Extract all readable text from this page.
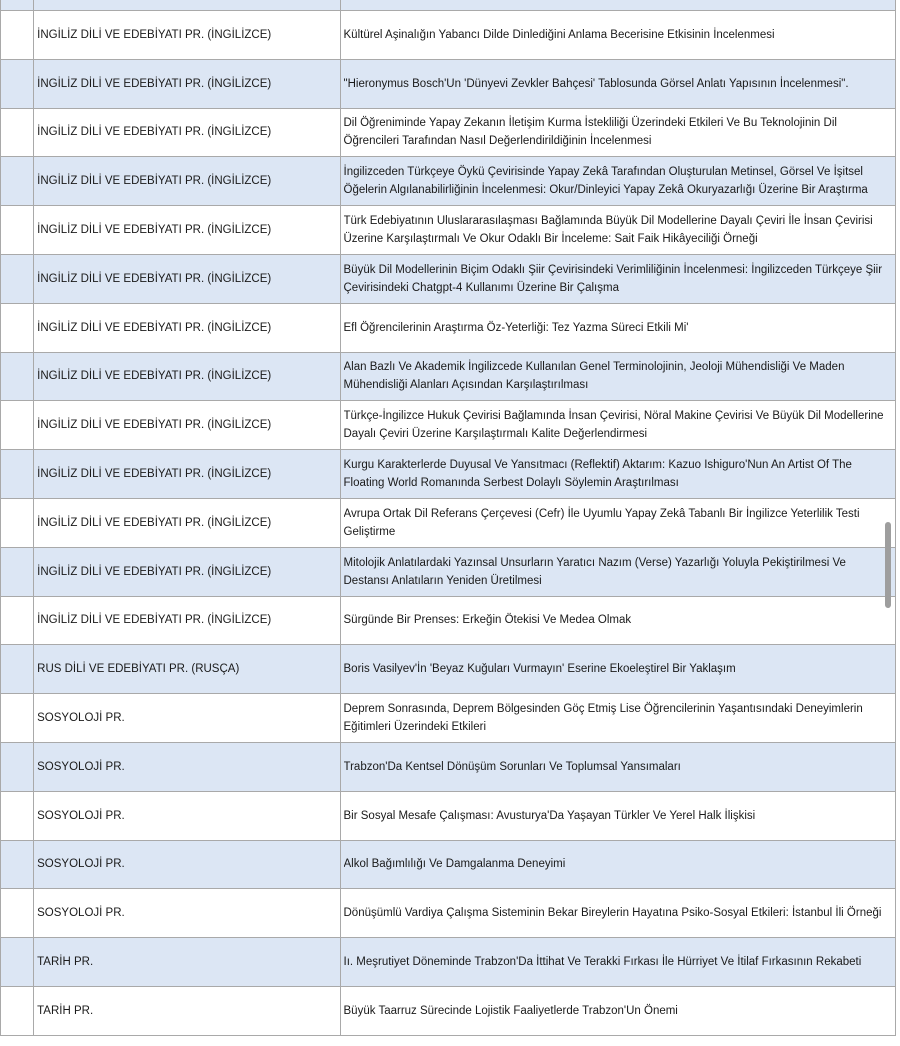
	İNGİLİZ DİLİ VE EDEBİYATI PR. (İNGİLİZCE)	Kültürel Aşinalığın Yabancı Dilde Dinlediğini Anlama Becerisine Etkisinin İncelenmesi

	İNGİLİZ DİLİ VE EDEBİYATI PR. (İNGİLİZCE)	"Hieronymus Bosch'Un 'Dünyevi Zevkler Bahçesi' Tablosunda Görsel Anlatı Yapısının İncelenmesi".

	İNGİLİZ DİLİ VE EDEBİYATI PR. (İNGİLİZCE)	Dil Öğreniminde Yapay Zekanın İletişim Kurma İstekliliği Üzerindeki Etkileri Ve Bu Teknolojinin Dil Öğrencileri Tarafından Nasıl Değerlendirildiğinin İncelenmesi

	İNGİLİZ DİLİ VE EDEBİYATI PR. (İNGİLİZCE)	İngilizceden Türkçeye Öykü Çevirisinde Yapay Zekâ Tarafından Oluşturulan Metinsel, Görsel Ve İşitsel Öğelerin Algılanabilirliğinin İncelenmesi: Okur/Dinleyici Yapay Zekâ Okuryazarlığı Üzerine Bir Araştırma

	İNGİLİZ DİLİ VE EDEBİYATI PR. (İNGİLİZCE)	Türk Edebiyatının Uluslararasılaşması Bağlamında Büyük Dil Modellerine Dayalı Çeviri İle İnsan Çevirisi Üzerine Karşılaştırmalı Ve Okur Odaklı Bir İnceleme: Sait Faik Hikâyeciliği Örneği

	İNGİLİZ DİLİ VE EDEBİYATI PR. (İNGİLİZCE)	Büyük Dil Modellerinin Biçim Odaklı Şiir Çevirisindeki Verimliliğinin İncelenmesi: İngilizceden Türkçeye Şiir Çevirisindeki Chatgpt-4 Kullanımı Üzerine Bir Çalışma

	İNGİLİZ DİLİ VE EDEBİYATI PR. (İNGİLİZCE)	Efl Öğrencilerinin Araştırma Öz-Yeterliği: Tez Yazma Süreci Etkili Mi'

	İNGİLİZ DİLİ VE EDEBİYATI PR. (İNGİLİZCE)	Alan Bazlı Ve Akademik İngilizcede Kullanılan Genel Terminolojinin, Jeoloji Mühendisliği Ve Maden Mühendisliği Alanları Açısından Karşılaştırılması

	İNGİLİZ DİLİ VE EDEBİYATI PR. (İNGİLİZCE)	Türkçe-İngilizce Hukuk Çevirisi Bağlamında İnsan Çevirisi, Nöral Makine Çevirisi Ve Büyük Dil Modellerine Dayalı Çeviri Üzerine Karşılaştırmalı Kalite Değerlendirmesi

	İNGİLİZ DİLİ VE EDEBİYATI PR. (İNGİLİZCE)	Kurgu Karakterlerde Duyusal Ve Yansıtmacı (Reflektif) Aktarım: Kazuo Ishiguro'Nun An Artist Of The Floating World Romanında Serbest Dolaylı Söylemin Araştırılması

	İNGİLİZ DİLİ VE EDEBİYATI PR. (İNGİLİZCE)	Avrupa Ortak Dil Referans Çerçevesi (Cefr) İle Uyumlu Yapay Zekâ Tabanlı Bir İngilizce Yeterlilik Testi Geliştirme

	İNGİLİZ DİLİ VE EDEBİYATI PR. (İNGİLİZCE)	Mitolojik Anlatılardaki Yazınsal Unsurların Yaratıcı Nazım (Verse) Yazarlığı Yoluyla Pekiştirilmesi Ve Destansı Anlatıların Yeniden Üretilmesi

	İNGİLİZ DİLİ VE EDEBİYATI PR. (İNGİLİZCE)	Sürgünde Bir Prenses: Erkeğin Ötekisi Ve Medea Olmak

	RUS DİLİ VE EDEBİYATI PR. (RUSÇA)	Boris Vasilyev'İn 'Beyaz Kuğuları Vurmayın' Eserine Ekoeleştirel Bir Yaklaşım

	SOSYOLOJİ PR.	Deprem Sonrasında, Deprem Bölgesinden Göç Etmiş Lise Öğrencilerinin Yaşantısındaki Deneyimlerin Eğitimleri Üzerindeki Etkileri

	SOSYOLOJİ PR.	Trabzon'Da Kentsel Dönüşüm Sorunları Ve Toplumsal Yansımaları

	SOSYOLOJİ PR.	Bir Sosyal Mesafe Çalışması: Avusturya'Da Yaşayan Türkler Ve Yerel Halk İlişkisi

	SOSYOLOJİ PR.	Alkol Bağımlılığı Ve Damgalanma Deneyimi

	SOSYOLOJİ PR.	Dönüşümlü Vardiya Çalışma Sisteminin Bekar Bireylerin Hayatına Psiko-Sosyal Etkileri: İstanbul İli Örneği

	TARİH PR.	Iı. Meşrutiyet Döneminde Trabzon'Da İttihat Ve Terakki Fırkası İle Hürriyet Ve İtilaf Fırkasının Rekabeti

	TARİH PR.	Büyük Taarruz Sürecinde Lojistik Faaliyetlerde Trabzon'Un Önemi
